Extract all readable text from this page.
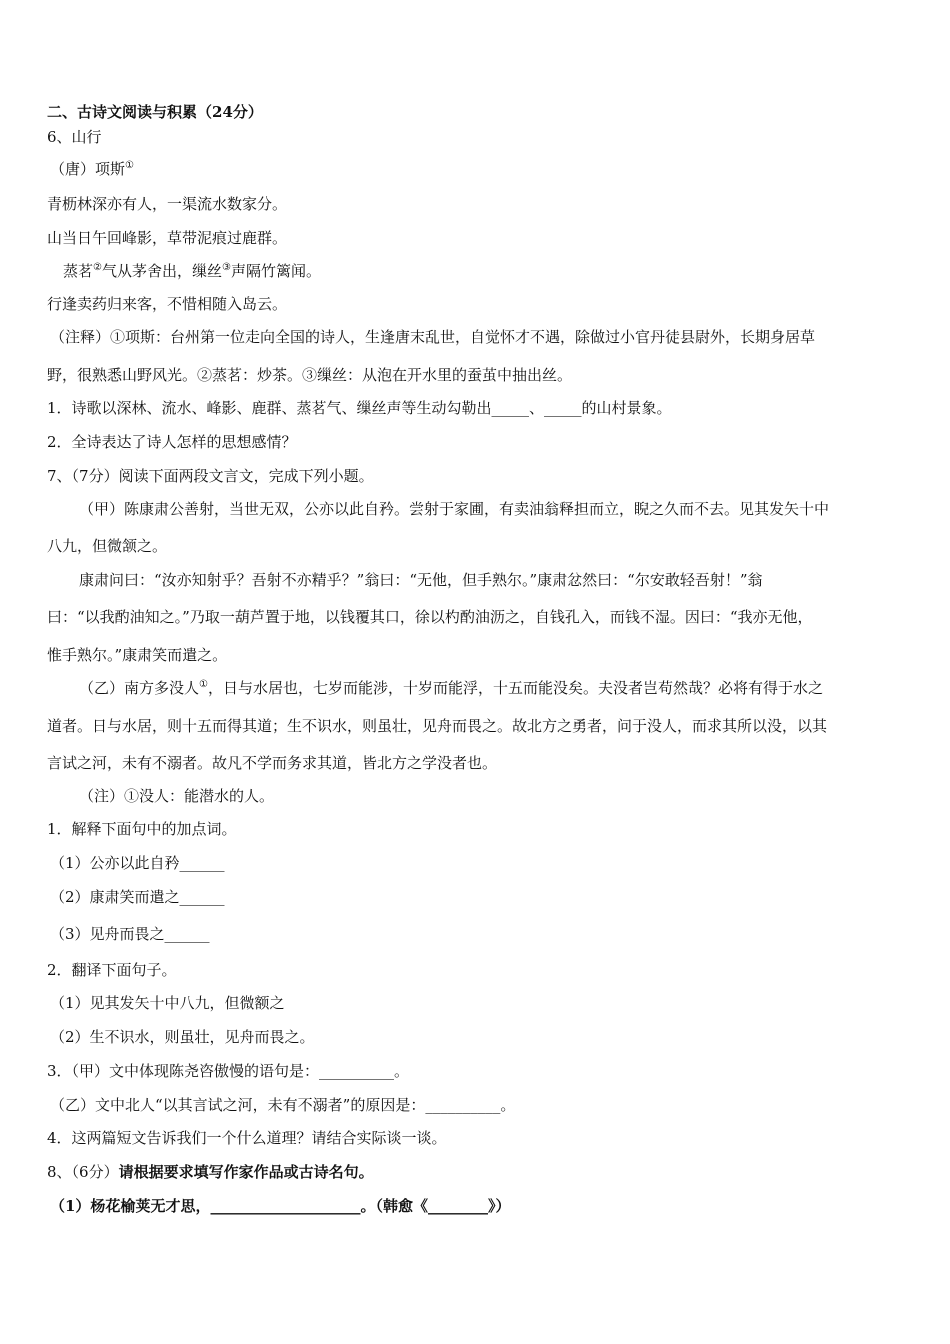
二、古诗文阅读与积累（24分）
6、山行
（唐）项斯①
青枥林深亦有人，一渠流水数家分。
山当日午回峰影，草带泥痕过鹿群。
蒸茗②气从茅舍出，缫丝③声隔竹篱闻。
行逢卖药归来客，不惜相随入岛云。
（注释）①项斯：台州第一位走向全国的诗人，生逢唐末乱世，自觉怀才不遇，除做过小官丹徒县尉外，长期身居草
野，很熟悉山野风光。②蒸茗：炒茶。③缫丝：从泡在开水里的蚕茧中抽出丝。
1．诗歌以深林、流水、峰影、鹿群、蒸茗气、缫丝声等生动勾勒出_____、_____的山村景象。
2．全诗表达了诗人怎样的思想感情？
7、（7分）阅读下面两段文言文，完成下列小题。
（甲）陈康肃公善射，当世无双，公亦以此自矜。尝射于家圃，有卖油翁释担而立，睨之久而不去。见其发矢十中
八九，但微颔之。
康肃问曰：“汝亦知射乎？吾射不亦精乎？”翁曰：“无他，但手熟尔。”康肃忿然曰：“尔安敢轻吾射！”翁
曰：“以我酌油知之。”乃取一葫芦置于地，以钱覆其口，徐以杓酌油沥之，自钱孔入，而钱不湿。因曰：“我亦无他，
惟手熟尔。”康肃笑而遣之。
（乙）南方多没人①，日与水居也，七岁而能涉，十岁而能浮，十五而能没矣。夫没者岂苟然哉？必将有得于水之
道者。日与水居，则十五而得其道；生不识水，则虽壮，见舟而畏之。故北方之勇者，问于没人，而求其所以没，以其
言试之河，未有不溺者。故凡不学而务求其道，皆北方之学没者也。
（注）①没人：能潜水的人。
1．解释下面句中的加点词。
（1）公亦以此自矜______
（2）康肃笑而遣之______
（3）见舟而畏之______
2．翻译下面句子。
（1）见其发矢十中八九，但微额之
（2）生不识水，则虽壮，见舟而畏之。
3．（甲）文中体现陈尧咨傲慢的语句是：__________。
（乙）文中北人“以其言试之河，未有不溺者”的原因是：__________。
4．这两篇短文告诉我们一个什么道理？请结合实际谈一谈。
8、（6分）请根据要求填写作家作品或古诗名句。
（1）杨花榆荚无才思，____________________。（韩愈《________》）
